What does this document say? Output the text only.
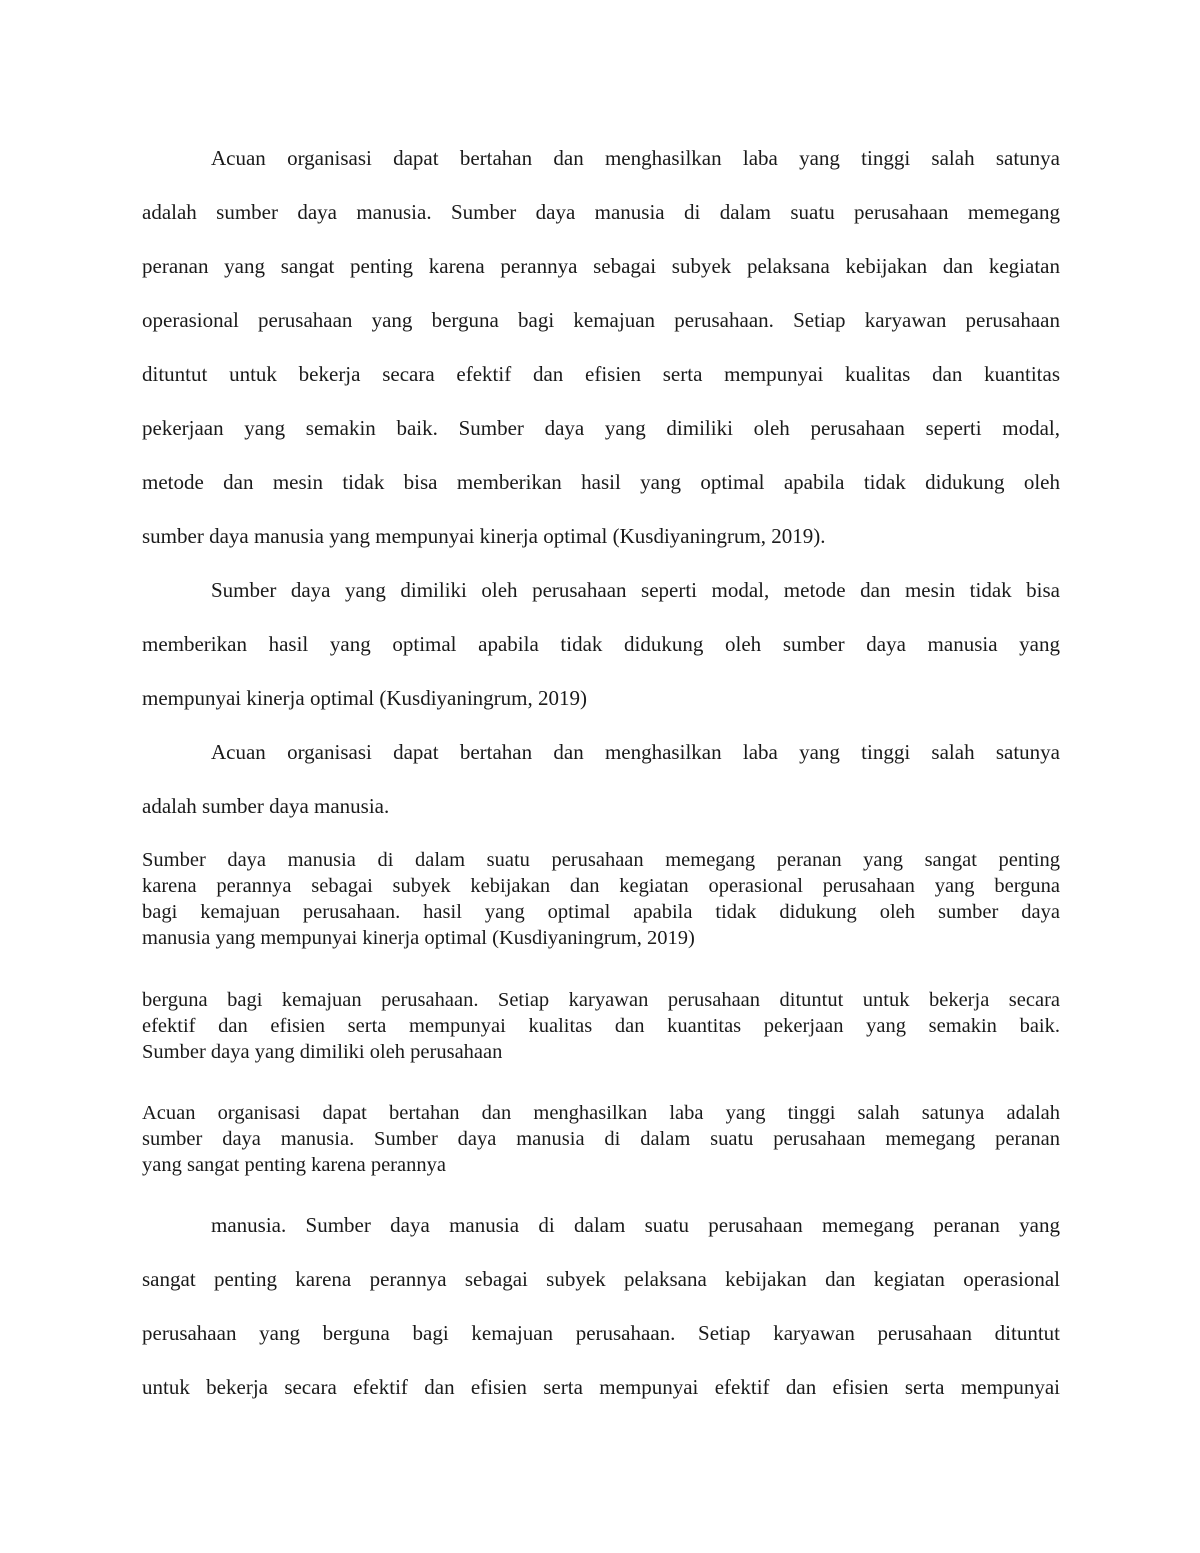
Acuan organisasi dapat bertahan dan menghasilkan laba yang tinggi salah satunya
adalah sumber daya manusia. Sumber daya manusia di dalam suatu perusahaan memegang
peranan yang sangat penting karena perannya sebagai subyek pelaksana kebijakan dan kegiatan
operasional perusahaan yang berguna bagi kemajuan perusahaan. Setiap karyawan perusahaan
dituntut untuk bekerja secara efektif dan efisien serta mempunyai kualitas dan kuantitas
pekerjaan yang semakin baik. Sumber daya yang dimiliki oleh perusahaan seperti modal,
metode dan mesin tidak bisa memberikan hasil yang optimal apabila tidak didukung oleh
sumber daya manusia yang mempunyai kinerja optimal (Kusdiyaningrum, 2019).
Sumber daya yang dimiliki oleh perusahaan seperti modal, metode dan mesin tidak bisa
memberikan hasil yang optimal apabila tidak didukung oleh sumber daya manusia yang
mempunyai kinerja optimal (Kusdiyaningrum, 2019)
Acuan organisasi dapat bertahan dan menghasilkan laba yang tinggi salah satunya
adalah sumber daya manusia.
Sumber daya manusia di dalam suatu perusahaan memegang peranan yang sangat penting
karena perannya sebagai subyek kebijakan dan kegiatan operasional perusahaan yang berguna
bagi kemajuan perusahaan. hasil yang optimal apabila tidak didukung oleh sumber daya
manusia yang mempunyai kinerja optimal (Kusdiyaningrum, 2019)
berguna bagi kemajuan perusahaan. Setiap karyawan perusahaan dituntut untuk bekerja secara
efektif dan efisien serta mempunyai kualitas dan kuantitas pekerjaan yang semakin baik.
Sumber daya yang dimiliki oleh perusahaan
Acuan organisasi dapat bertahan dan menghasilkan laba yang tinggi salah satunya adalah
sumber daya manusia. Sumber daya manusia di dalam suatu perusahaan memegang peranan
yang sangat penting karena perannya
manusia. Sumber daya manusia di dalam suatu perusahaan memegang peranan yang
sangat penting karena perannya sebagai subyek pelaksana kebijakan dan kegiatan operasional
perusahaan yang berguna bagi kemajuan perusahaan. Setiap karyawan perusahaan dituntut
untuk bekerja secara efektif dan efisien serta mempunyai efektif dan efisien serta mempunyai
